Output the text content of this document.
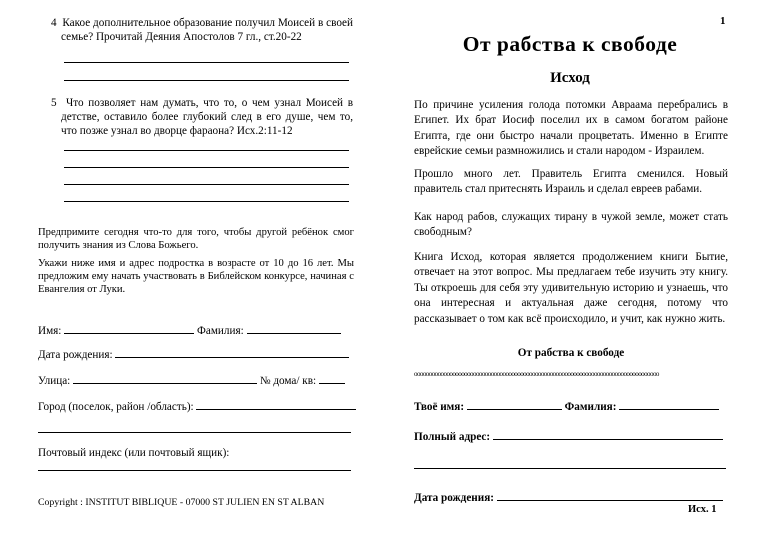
4 Какое дополнительное образование получил Моисей в своей семье? Прочитай Деяния Апостолов 7 гл., ст.20-22
5 Что позволяет нам думать, что то, о чем узнал Моисей в детстве, оставило более глубокий след в его душе, чем то, что позже узнал во дворце фараона? Исх.2:11-12
Предпримите сегодня что-то для того, чтобы другой ребёнок смог получить знания из Слова Божьего.
Укажи ниже имя и адрес подростка в возрасте от 10 до 16 лет. Мы предложим ему начать участвовать в Библейском конкурсе, начиная с Евангелия от Луки.
Имя:	Фамилия:
Дата рождения:
Улица:	№ дома/ кв:
Город (поселок, район /область):
Почтовый индекс (или почтовый ящик):
Copyright : INSTITUT BIBLIQUE - 07000 ST JULIEN EN ST ALBAN
1
От рабства к свободе
Исход
По причине усиления голода потомки Авраама перебрались в Египет. Их брат Иосиф поселил их в самом богатом районе Египта, где они быстро начали процветать. Именно в Египте еврейские семьи размножились и стали народом - Израилем.
Прошло много лет. Правитель Египта сменился. Новый правитель стал притеснять Израиль и сделал евреев рабами.
Как народ рабов, служащих тирану в чужой земле, может стать свободным?
Книга Исход, которая является продолжением книги Бытие, отвечает на этот вопрос. Мы предлагаем тебе изучить эту книгу. Ты откроешь для себя эту удивительную историю и узнаешь, что она интересная и актуальная даже сегодня, потому что рассказывает о том как всё происходило, и учит, как нужно жить.
От рабства к свободе
ooooooooooooooooooooooooooooooooooooooooooooooooooooooooooooooooooooooooooooooooooo
Твоё имя:	Фамилия:
Полный адрес:
Дата рождения:
Исх. 1
